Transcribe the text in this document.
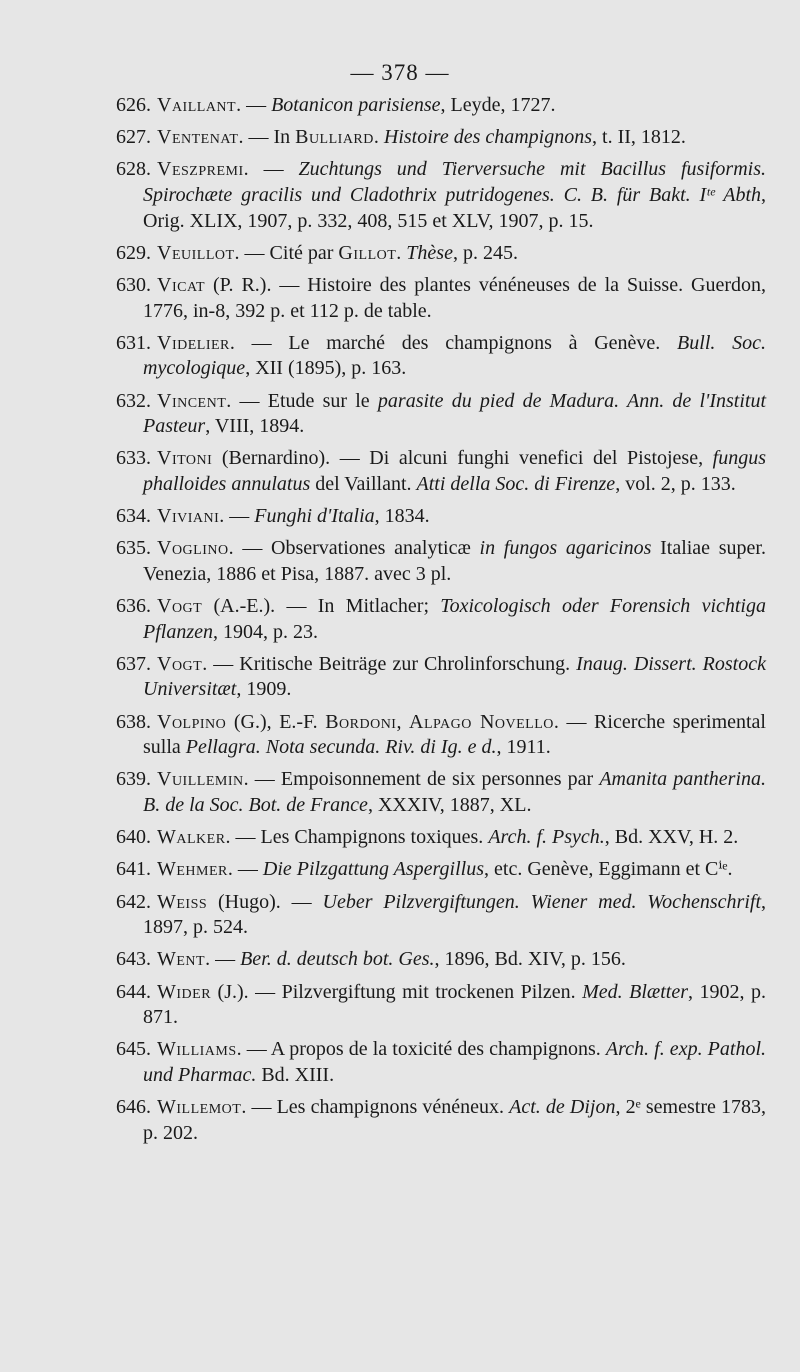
— 378 —
626. Vaillant. — Botanicon parisiense, Leyde, 1727.
627. Ventenat. — In Bulliard. Histoire des champignons, t. II, 1812.
628. Veszpremi. — Zuchtungs und Tierversuche mit Bacillus fusiformis. Spirochæte gracilis und Cladothrix putridogenes. C. B. für Bakt. Iᵗᵉ Abth, Orig. XLIX, 1907, p. 332, 408, 515 et XLV, 1907, p. 15.
629. Veuillot. — Cité par Gillot. Thèse, p. 245.
630. Vicat (P. R.). — Histoire des plantes vénéneuses de la Suisse. Guerdon, 1776, in-8, 392 p. et 112 p. de table.
631. Videlier. — Le marché des champignons à Genève. Bull. Soc. mycologique, XII (1895), p. 163.
632. Vincent. — Etude sur le parasite du pied de Madura. Ann. de l'Institut Pasteur, VIII, 1894.
633. Vitoni (Bernardino). — Di alcuni funghi venefici del Pistojese, fungus phalloides annulatus del Vaillant. Atti della Soc. di Firenze, vol. 2, p. 133.
634. Viviani. — Funghi d'Italia, 1834.
635. Voglino. — Observationes analyticæ in fungos agaricinos Italiae super. Venezia, 1886 et Pisa, 1887. avec 3 pl.
636. Vogt (A.-E.). — In Mitlacher; Toxicologisch oder Forensich vichtiga Pflanzen, 1904, p. 23.
637. Vogt. — Kritische Beiträge zur Chrolinforschung. Inaug. Dissert. Rostock Universitæt, 1909.
638. Volpino (G.), E.-F. Bordoni, Alpago Novello. — Ricerche sperimental sulla Pellagra. Nota secunda. Riv. di Ig. e d., 1911.
639. Vuillemin. — Empoisonnement de six personnes par Amanita pantherina. B. de la Soc. Bot. de France, XXXIV, 1887, XL.
640. Walker. — Les Champignons toxiques. Arch. f. Psych., Bd. XXV, H. 2.
641. Wehmer. — Die Pilzgattung Aspergillus, etc. Genève, Eggimann et Cⁱᵉ.
642. Weiss (Hugo). — Ueber Pilzvergiftungen. Wiener med. Wochenschrift, 1897, p. 524.
643. Went. — Ber. d. deutsch bot. Ges., 1896, Bd. XIV, p. 156.
644. Wider (J.). — Pilzvergiftung mit trockenen Pilzen. Med. Blætter, 1902, p. 871.
645. Williams. — A propos de la toxicité des champignons. Arch. f. exp. Pathol. und Pharmac. Bd. XIII.
646. Willemot. — Les champignons vénéneux. Act. de Dijon, 2ᵉ semestre 1783, p. 202.
